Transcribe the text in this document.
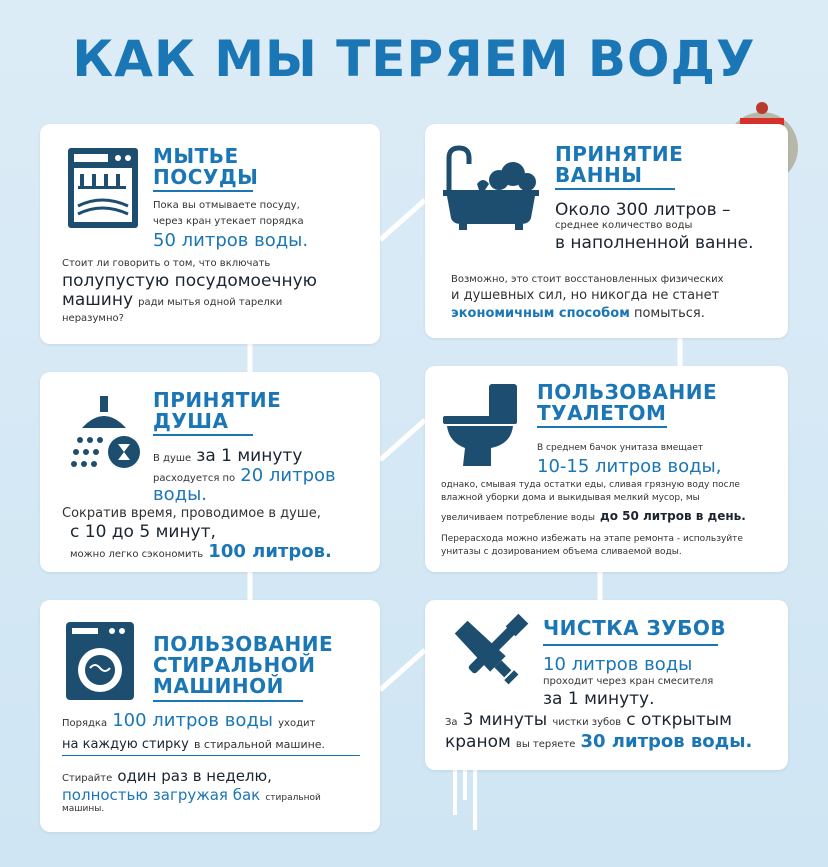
КАК МЫ ТЕРЯЕМ ВОДУ
МЫТЬЕ
ПОСУДЫ
Пока вы отмываете посуду,
через кран утекает порядка
50 литров воды.
Стоит ли говорить о том, что включать
полупустую посудомоечную
машину ради мытья одной тарелки
неразумно?
ПРИНЯТИЕ
ВАННЫ
Около 300 литров –
среднее количество воды
в наполненной ванне.
Возможно, это стоит восстановленных физических
и душевных сил, но никогда не станет
экономичным способом помыться.
ПРИНЯТИЕ
ДУША
В душе за 1 минуту
расходуется по 20 литров
воды.
Сократив время, проводимое в душе,
с 10 до 5 минут,
можно легко сэкономить 100 литров.
ПОЛЬЗОВАНИЕ
ТУАЛЕТОМ
В среднем бачок унитаза вмещает
10-15 литров воды,
однако, смывая туда остатки еды, сливая грязную воду после
влажной уборки дома и выкидывая мелкий мусор, мы
увеличиваем потребление воды до 50 литров в день.
Перерасхода можно избежать на этапе ремонта - используйте
унитазы с дозированием объема сливаемой воды.
ПОЛЬЗОВАНИЕ
СТИРАЛЬНОЙ
МАШИНОЙ
Порядка 100 литров воды уходит
на каждую стирку в стиральной машине.
Стирайте один раз в неделю,
полностью загружая бак стиральной
машины.
ЧИСТКА ЗУБОВ
10 литров воды
проходит через кран смесителя
за 1 минуту.
За 3 минуты чистки зубов с открытым
краном вы теряете 30 литров воды.
